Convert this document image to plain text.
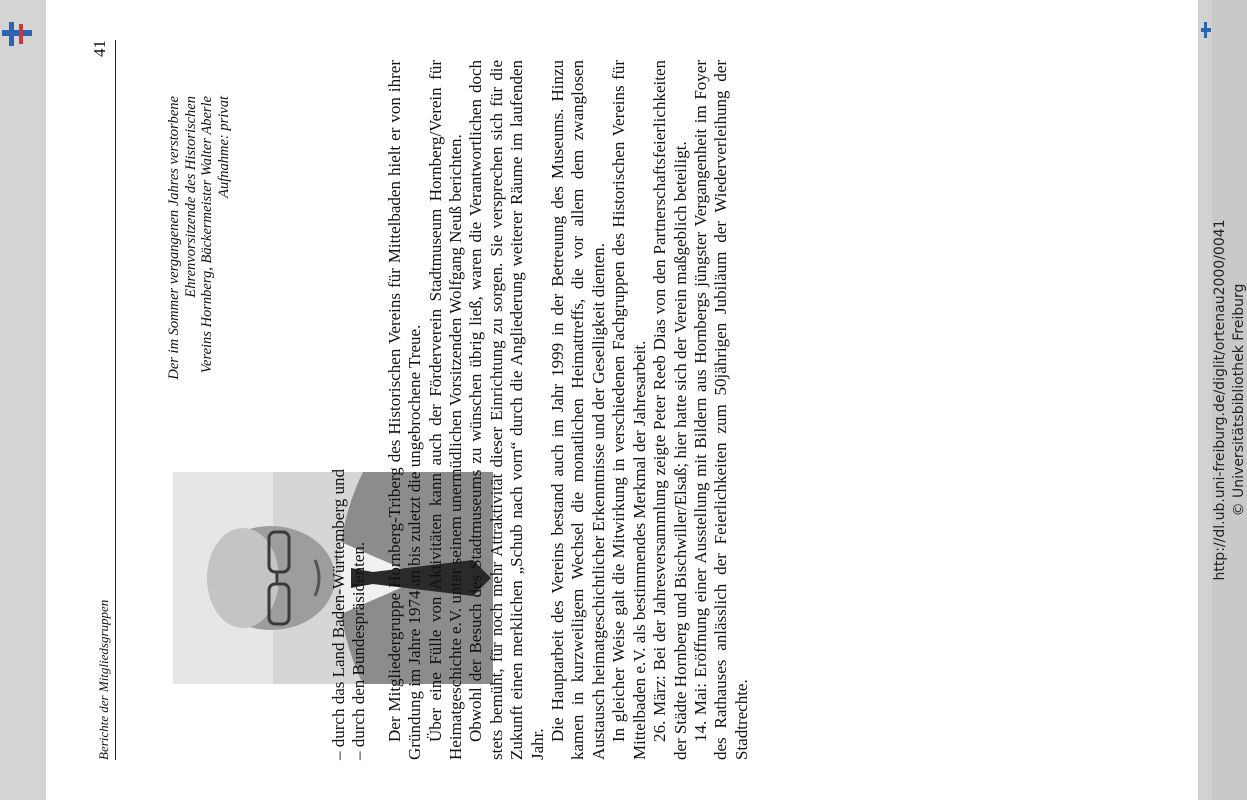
Berichte der Mitgliedsgruppen
41
Der im Sommer vergangenen Jahres verstorbene Ehrenvorsitzende des Historischen Vereins Hornberg, Bäckermeister Walter Aberle Aufnahme: privat

– durch das Land Baden-Württemberg und – durch den Bundespräsidenten. Der Mitgliedergruppe Hornberg-Triberg des Historischen Vereins für Mittelbaden hielt er von ihrer Gründung im Jahre 1974 an bis zuletzt die ungebrochene Treue. Über eine Fülle von Aktivitäten kann auch der Förderverein Stadtmuseum Hornberg/Verein für Heimatgeschichte e.V. unter seinem unermüdlichen Vorsitzenden Wolfgang Neuß berichten. Obwohl der Besuch des Stadtmuseums zu wünschen übrig ließ, waren die Verantwortlichen doch stets bemüht, für noch mehr Attraktivität dieser Einrichtung zu sorgen. Sie versprechen sich für die Zukunft einen merklichen „Schub nach vorn“ durch die Angliederung weiterer Räume im laufenden Jahr.

Die Hauptarbeit des Vereins bestand auch im Jahr 1999 in der Betreuung des Museums. Hinzu kamen in kurzweiligem Wechsel die monatlichen Heimattreffs, die vor allem dem zwanglosen Austausch heimatgeschichtlicher Erkenntnisse und der Geselligkeit dienten. In gleicher Weise galt die Mitwirkung in verschiedenen Fachgruppen des Historischen Vereins für Mittelbaden e.V. als bestimmendes Merkmal der Jahresarbeit. 26. März: Bei der Jahresversammlung zeigte Peter Reeb Dias von den Partnerschaftsfeierlichkeiten der Städte Hornberg und Bischwiller/Elsaß; hier hatte sich der Verein maßgeblich beteiligt. 14. Mai: Eröffnung einer Ausstellung mit Bildern aus Hornbergs jüngster Vergangenheit im Foyer des Rathauses anlässlich der Feierlichkeiten zum 50jährigen Jubiläum der Wiederverleihung der Stadtrechte.

http://dl.ub.uni-freiburg.de/diglit/ortenau2000/0041 © Universitätsbibliothek Freiburg
